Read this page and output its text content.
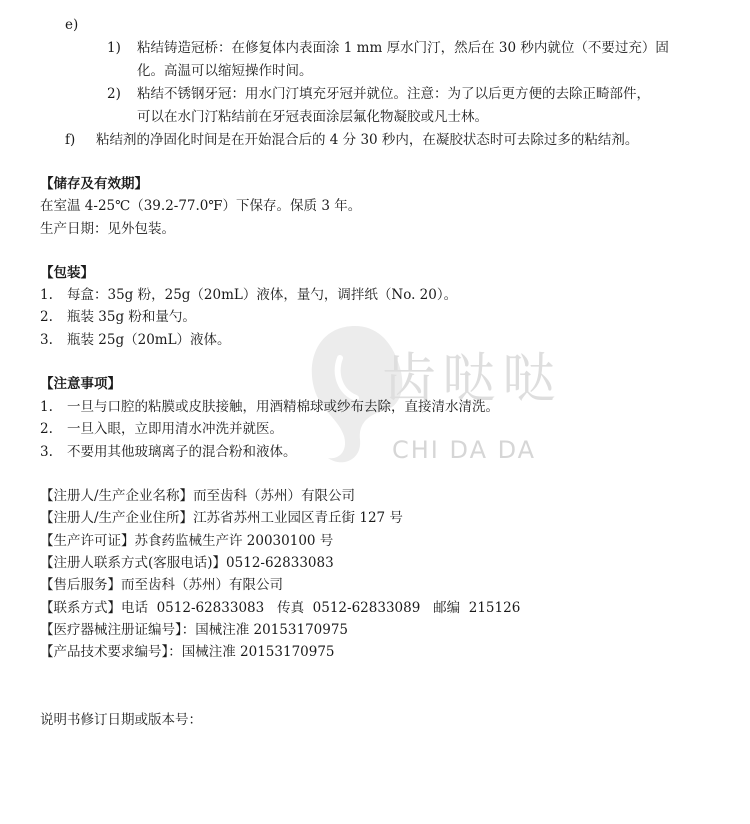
齿哒哒
CHI DA DA
e)
1) 粘结铸造冠桥：在修复体内表面涂 1 mm 厚水门汀，然后在 30 秒内就位（不要过充）固
化。高温可以缩短操作时间。
2) 粘结不锈钢牙冠：用水门汀填充牙冠并就位。注意：为了以后更方便的去除正畸部件，
可以在水门汀粘结前在牙冠表面涂层氟化物凝胶或凡士林。
f) 粘结剂的净固化时间是在开始混合后的 4 分 30 秒内，在凝胶状态时可去除过多的粘结剂。
【储存及有效期】
在室温 4-25℃（39.2-77.0℉）下保存。保质 3 年。
生产日期：见外包装。
【包装】
1. 每盒：35g 粉，25g（20mL）液体，量勺，调拌纸（No. 20）。
2. 瓶装 35g 粉和量勺。
3. 瓶装 25g（20mL）液体。
【注意事项】
1. 一旦与口腔的粘膜或皮肤接触，用酒精棉球或纱布去除，直接清水清洗。
2. 一旦入眼，立即用清水冲洗并就医。
3. 不要用其他玻璃离子的混合粉和液体。
【注册人/生产企业名称】而至齿科（苏州）有限公司
【注册人/生产企业住所】江苏省苏州工业园区青丘街 127 号
【生产许可证】苏食药监械生产许 20030100 号
【注册人联系方式(客服电话)】0512-62833083
【售后服务】而至齿科（苏州）有限公司
【联系方式】电话  0512-62833083   传真  0512-62833089   邮编  215126
【医疗器械注册证编号】：国械注准 20153170975
【产品技术要求编号】：国械注准 20153170975
说明书修订日期或版本号：
